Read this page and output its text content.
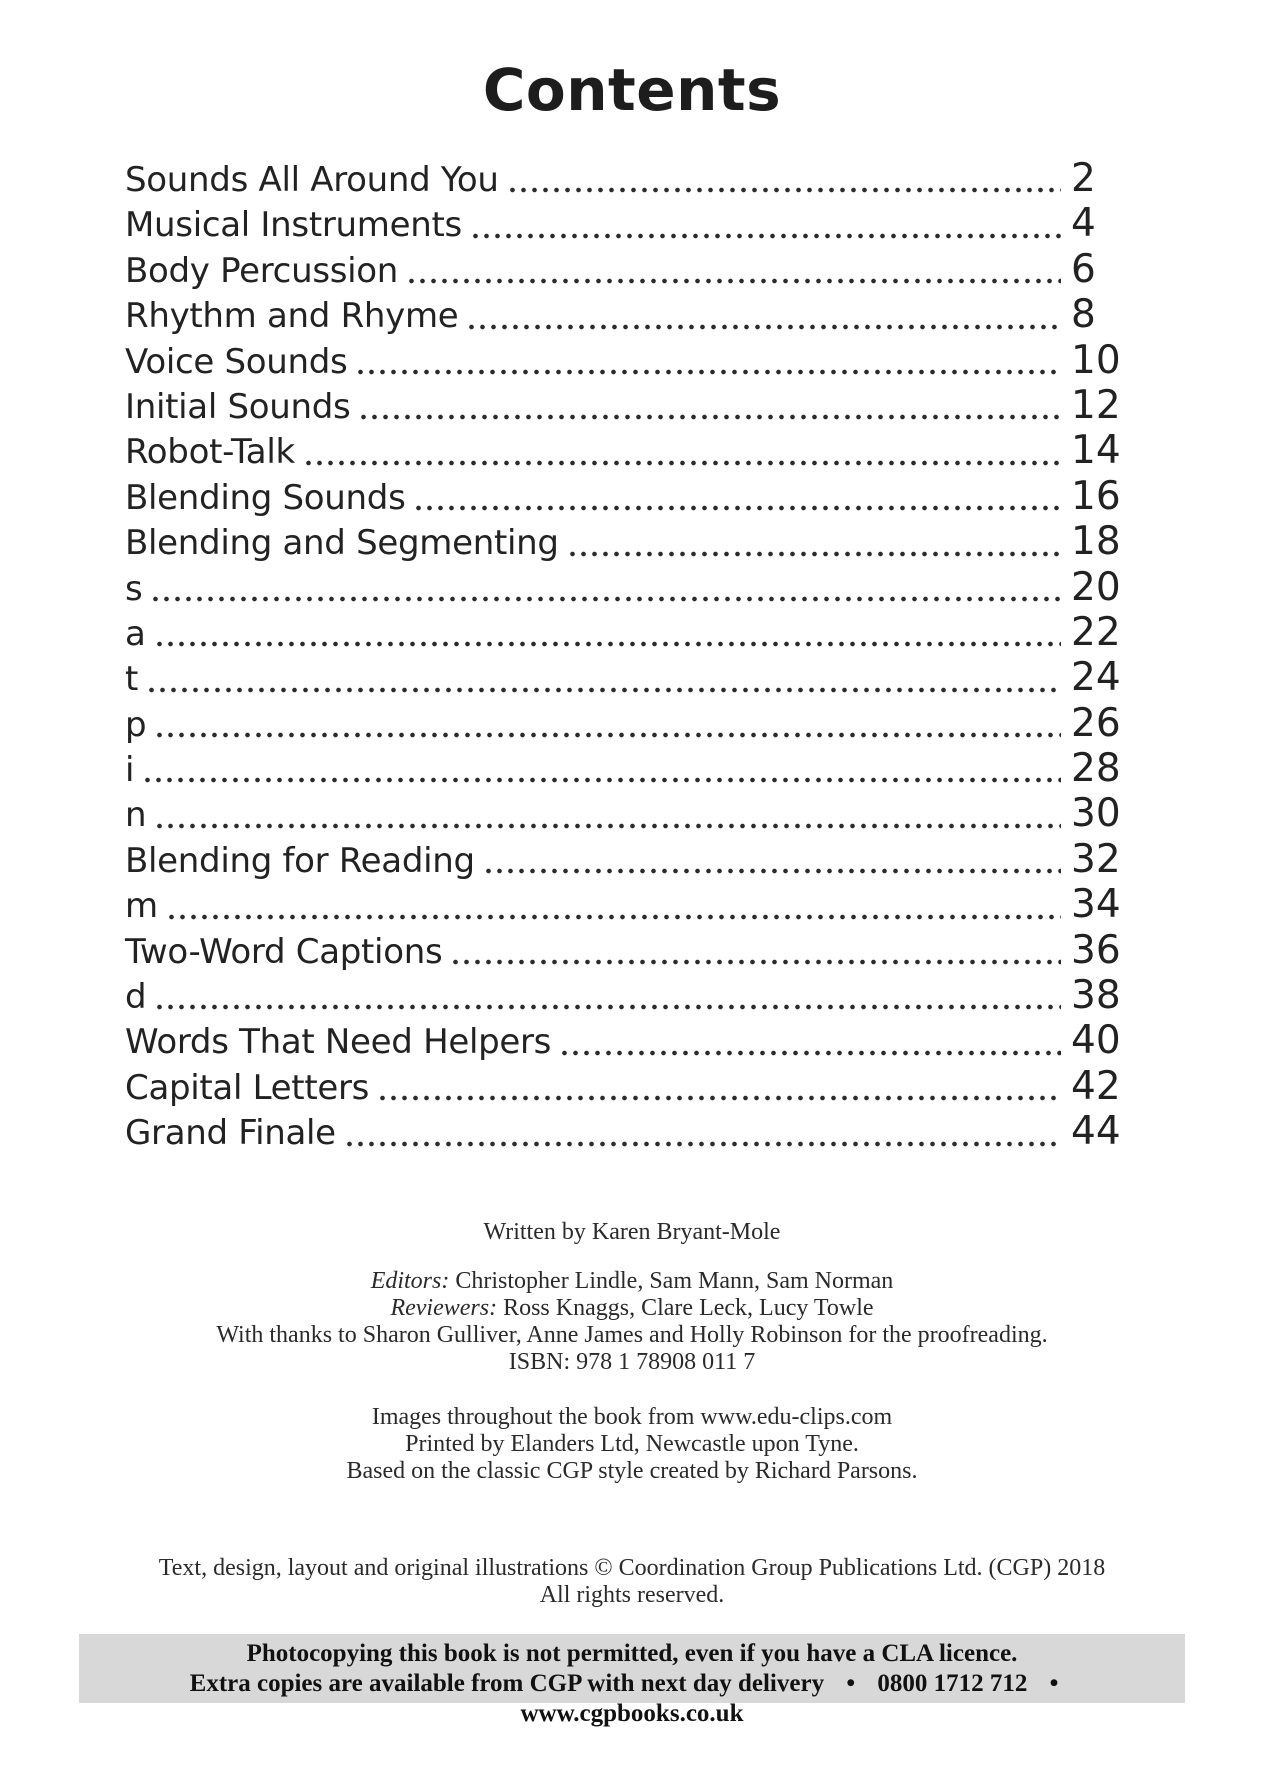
Contents
Sounds All Around You	2
Musical Instruments	4
Body Percussion	6
Rhythm and Rhyme	8
Voice Sounds	10
Initial Sounds	12
Robot-Talk	14
Blending Sounds	16
Blending and Segmenting	18
s	20
a	22
t	24
p	26
i	28
n	30
Blending for Reading	32
m	34
Two-Word Captions	36
d	38
Words That Need Helpers	40
Capital Letters	42
Grand Finale	44
Written by Karen Bryant-Mole
Editors: Christopher Lindle, Sam Mann, Sam Norman
Reviewers: Ross Knaggs, Clare Leck, Lucy Towle
With thanks to Sharon Gulliver, Anne James and Holly Robinson for the proofreading.
ISBN: 978 1 78908 011 7
Images throughout the book from www.edu-clips.com
Printed by Elanders Ltd, Newcastle upon Tyne.
Based on the classic CGP style created by Richard Parsons.
Text, design, layout and original illustrations © Coordination Group Publications Ltd. (CGP) 2018
All rights reserved.
Photocopying this book is not permitted, even if you have a CLA licence.
Extra copies are available from CGP with next day delivery • 0800 1712 712 • www.cgpbooks.co.uk
